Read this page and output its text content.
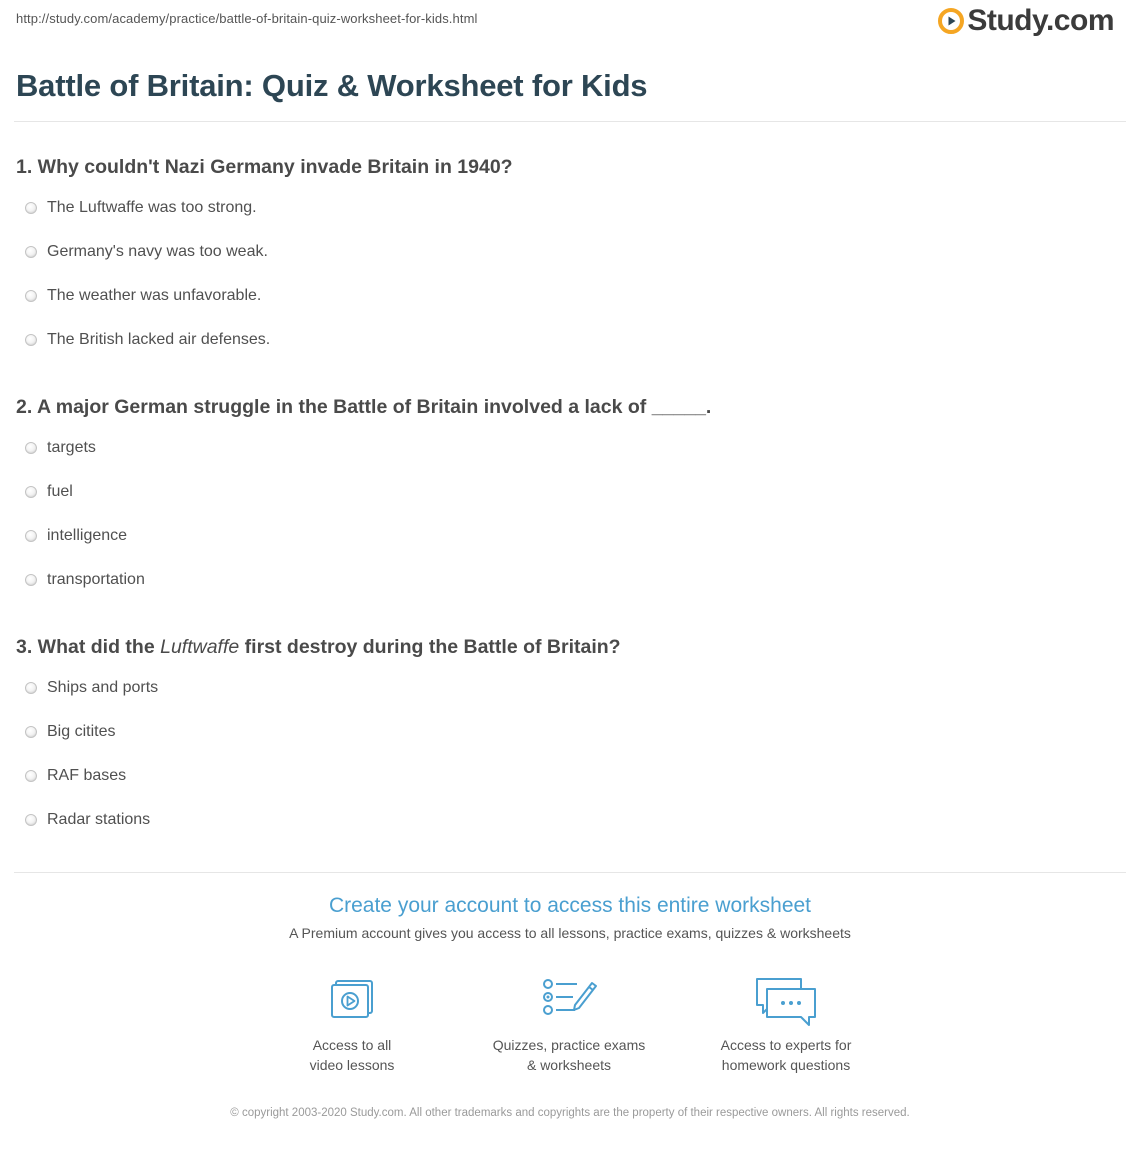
http://study.com/academy/practice/battle-of-britain-quiz-worksheet-for-kids.html	Study.com
Battle of Britain: Quiz & Worksheet for Kids
1. Why couldn't Nazi Germany invade Britain in 1940?
The Luftwaffe was too strong.
Germany's navy was too weak.
The weather was unfavorable.
The British lacked air defenses.
2. A major German struggle in the Battle of Britain involved a lack of _____.
targets
fuel
intelligence
transportation
3. What did the Luftwaffe first destroy during the Battle of Britain?
Ships and ports
Big citites
RAF bases
Radar stations
Create your account to access this entire worksheet
A Premium account gives you access to all lessons, practice exams, quizzes & worksheets
Access to all
video lessons
Quizzes, practice exams
& worksheets
Access to experts for
homework questions
© copyright 2003-2020 Study.com. All other trademarks and copyrights are the property of their respective owners. All rights reserved.
